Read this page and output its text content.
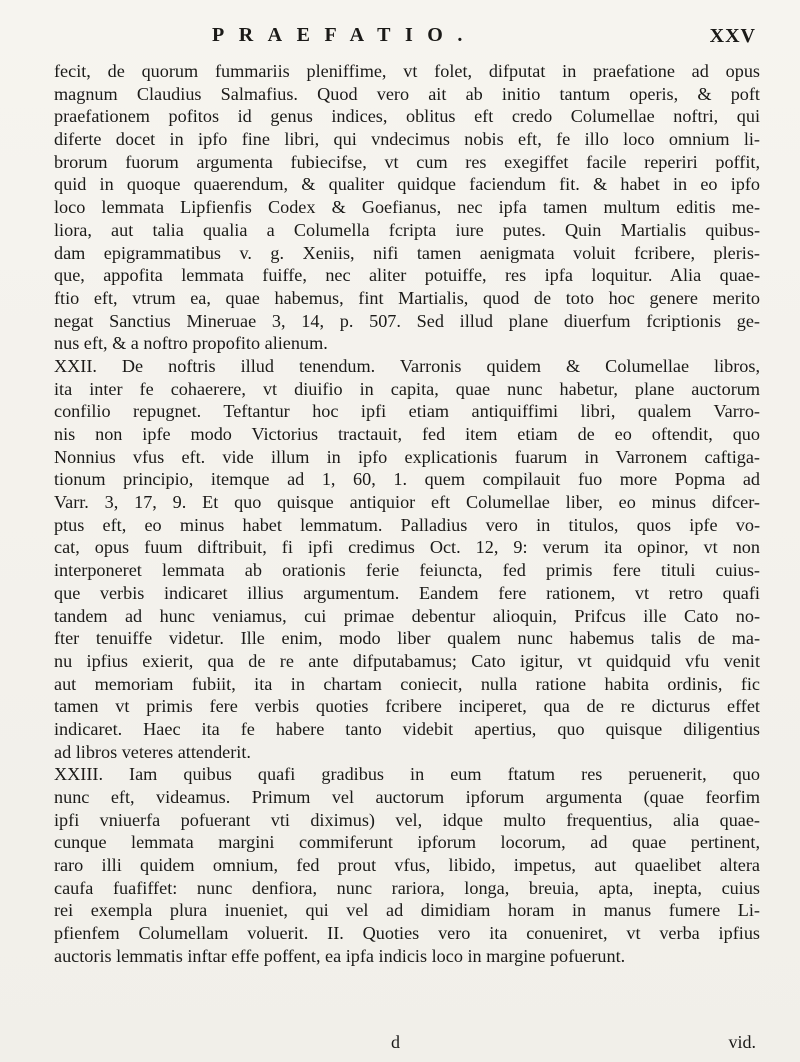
PRAEFATIO.	XXV
fecit, de quorum fummariis pleniffime, vt folet, difputat in praefatione ad opus
magnum Claudius Salmafius. Quod vero ait ab initio tantum operis, & poft
praefationem pofitos id genus indices, oblitus eft credo Columellae noftri, qui
diferte docet in ipfo fine libri, qui vndecimus nobis eft, fe illo loco omnium li-
brorum fuorum argumenta fubiecifse, vt cum res exegiffet facile reperiri poffit,
quid in quoque quaerendum, & qualiter quidque faciendum fit. & habet in eo ipfo
loco lemmata Lipfienfis Codex & Goefianus, nec ipfa tamen multum editis me-
liora, aut talia qualia a Columella fcripta iure putes. Quin Martialis quibus-
dam epigrammatibus v. g. Xeniis, nifi tamen aenigmata voluit fcribere, pleris-
que, appofita lemmata fuiffe, nec aliter potuiffe, res ipfa loquitur. Alia quae-
ftio eft, vtrum ea, quae habemus, fint Martialis, quod de toto hoc genere merito
negat Sanctius Mineruae 3, 14, p. 507. Sed illud plane diuerfum fcriptionis ge-
nus eft, & a noftro propofito alienum.
XXII. De noftris illud tenendum. Varronis quidem & Columellae libros,
ita inter fe cohaerere, vt diuifio in capita, quae nunc habetur, plane auctorum
confilio repugnet. Teftantur hoc ipfi etiam antiquiffimi libri, qualem Varro-
nis non ipfe modo Victorius tractauit, fed item etiam de eo oftendit, quo
Nonnius vfus eft. vide illum in ipfo explicationis fuarum in Varronem caftiga-
tionum principio, itemque ad 1, 60, 1. quem compilauit fuo more Popma ad
Varr. 3, 17, 9. Et quo quisque antiquior eft Columellae liber, eo minus difcer-
ptus eft, eo minus habet lemmatum. Palladius vero in titulos, quos ipfe vo-
cat, opus fuum diftribuit, fi ipfi credimus Oct. 12, 9: verum ita opinor, vt non
interponeret lemmata ab orationis ferie feiuncta, fed primis fere tituli cuius-
que verbis indicaret illius argumentum. Eandem fere rationem, vt retro quafi
tandem ad hunc veniamus, cui primae debentur alioquin, Prifcus ille Cato no-
fter tenuiffe videtur. Ille enim, modo liber qualem nunc habemus talis de ma-
nu ipfius exierit, qua de re ante difputabamus; Cato igitur, vt quidquid vfu venit
aut memoriam fubiit, ita in chartam coniecit, nulla ratione habita ordinis, fic
tamen vt primis fere verbis quoties fcribere inciperet, qua de re dicturus effet
indicaret. Haec ita fe habere tanto videbit apertius, quo quisque diligentius
ad libros veteres attenderit.
XXIII. Iam quibus quafi gradibus in eum ftatum res peruenerit, quo
nunc eft, videamus. Primum vel auctorum ipforum argumenta (quae feorfim
ipfi vniuerfa pofuerant vti diximus) vel, idque multo frequentius, alia quae-
cunque lemmata margini commiferunt ipforum locorum, ad quae pertinent,
raro illi quidem omnium, fed prout vfus, libido, impetus, aut quaelibet altera
caufa fuafiffet: nunc denfiora, nunc rariora, longa, breuia, apta, inepta, cuius
rei exempla plura inueniet, qui vel ad dimidiam horam in manus fumere Li-
pfienfem Columellam voluerit. II. Quoties vero ita conueniret, vt verba ipfius
auctoris lemmatis inftar effe poffent, ea ipfa indicis loco in margine pofuerunt.
d	vid.
